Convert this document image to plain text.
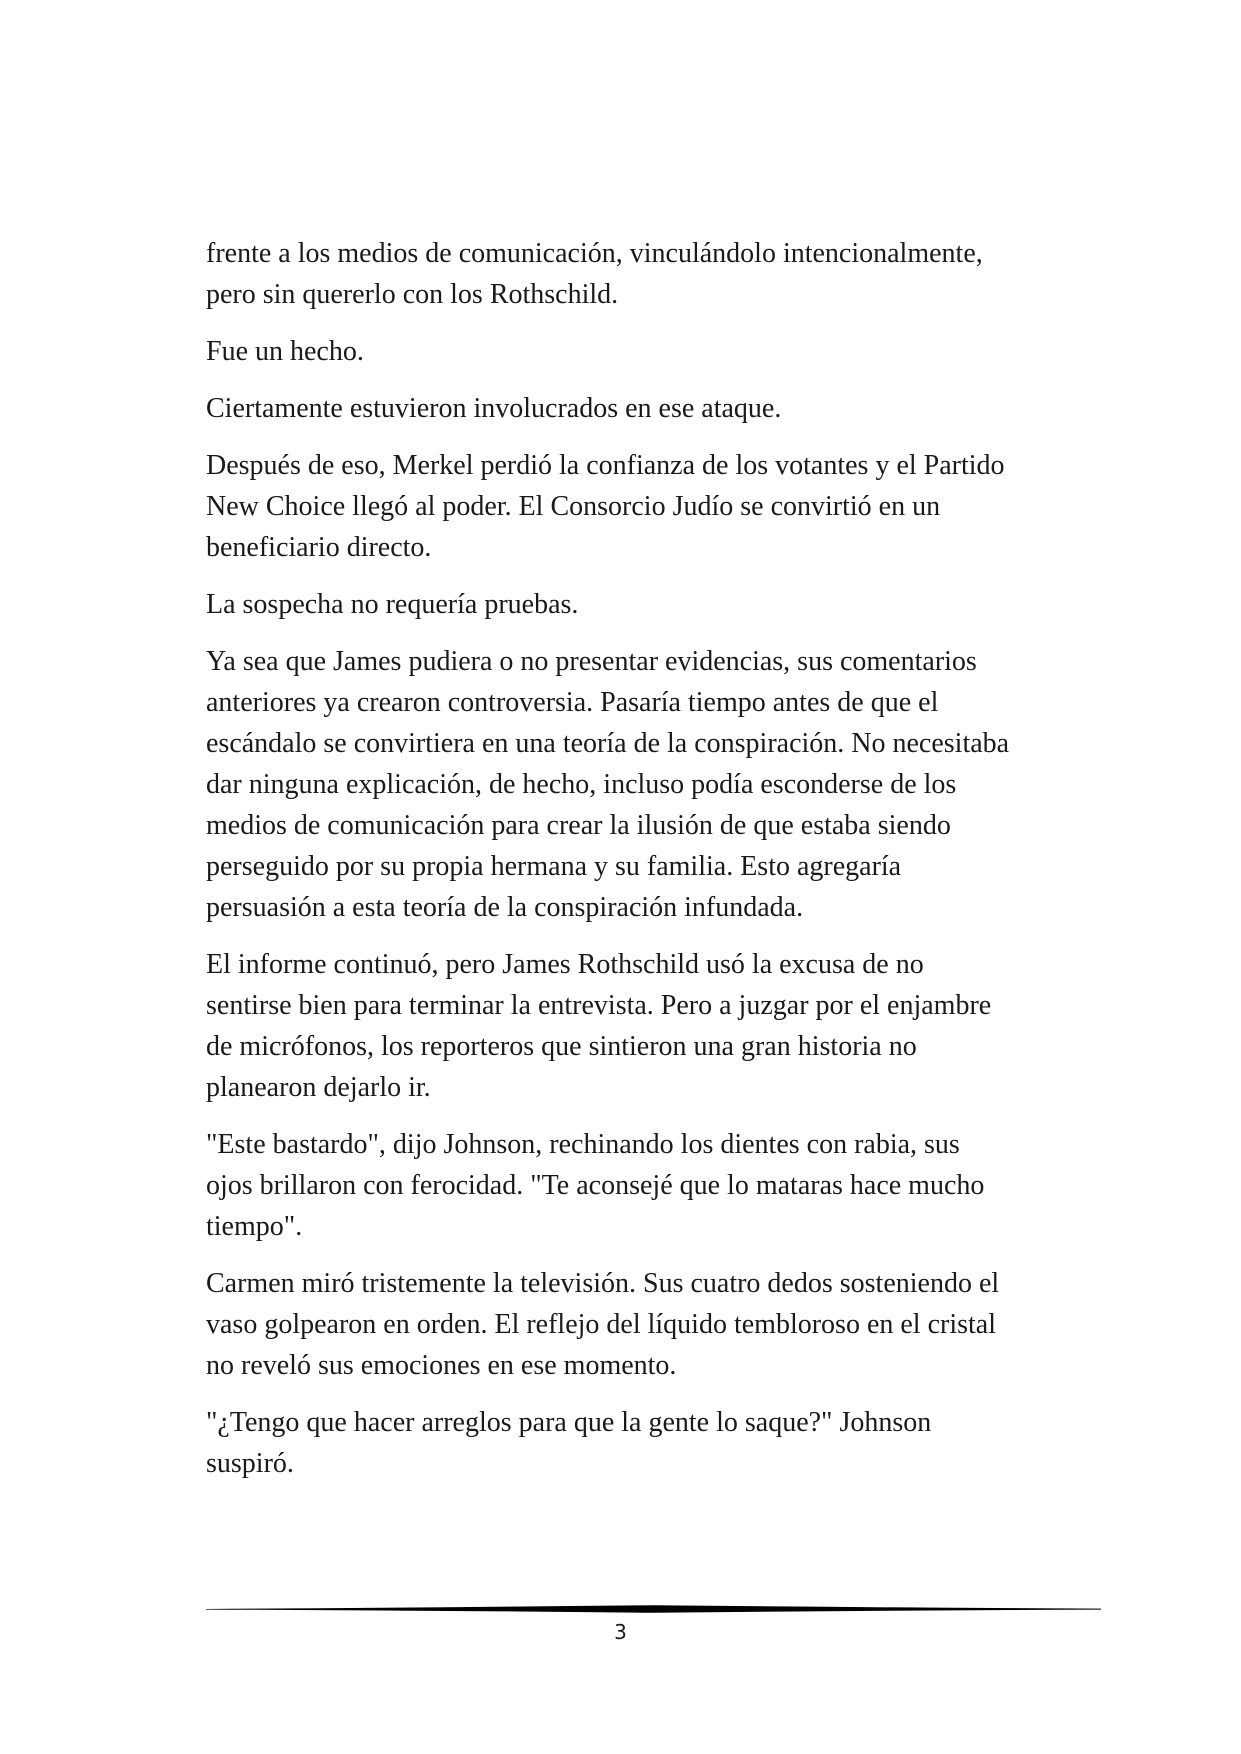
frente a los medios de comunicación, vinculándolo intencionalmente,
pero sin quererlo con los Rothschild.

Fue un hecho.

Ciertamente estuvieron involucrados en ese ataque.

Después de eso, Merkel perdió la confianza de los votantes y el Partido
New Choice llegó al poder. El Consorcio Judío se convirtió en un
beneficiario directo.

La sospecha no requería pruebas.

Ya sea que James pudiera o no presentar evidencias, sus comentarios
anteriores ya crearon controversia. Pasaría tiempo antes de que el
escándalo se convirtiera en una teoría de la conspiración. No necesitaba
dar ninguna explicación, de hecho, incluso podía esconderse de los
medios de comunicación para crear la ilusión de que estaba siendo
perseguido por su propia hermana y su familia. Esto agregaría
persuasión a esta teoría de la conspiración infundada.

El informe continuó, pero James Rothschild usó la excusa de no
sentirse bien para terminar la entrevista. Pero a juzgar por el enjambre
de micrófonos, los reporteros que sintieron una gran historia no
planearon dejarlo ir.

"Este bastardo", dijo Johnson, rechinando los dientes con rabia, sus
ojos brillaron con ferocidad. "Te aconsejé que lo mataras hace mucho
tiempo".

Carmen miró tristemente la televisión. Sus cuatro dedos sosteniendo el
vaso golpearon en orden. El reflejo del líquido tembloroso en el cristal
no reveló sus emociones en ese momento.

"¿Tengo que hacer arreglos para que la gente lo saque?" Johnson
suspiró.

3
